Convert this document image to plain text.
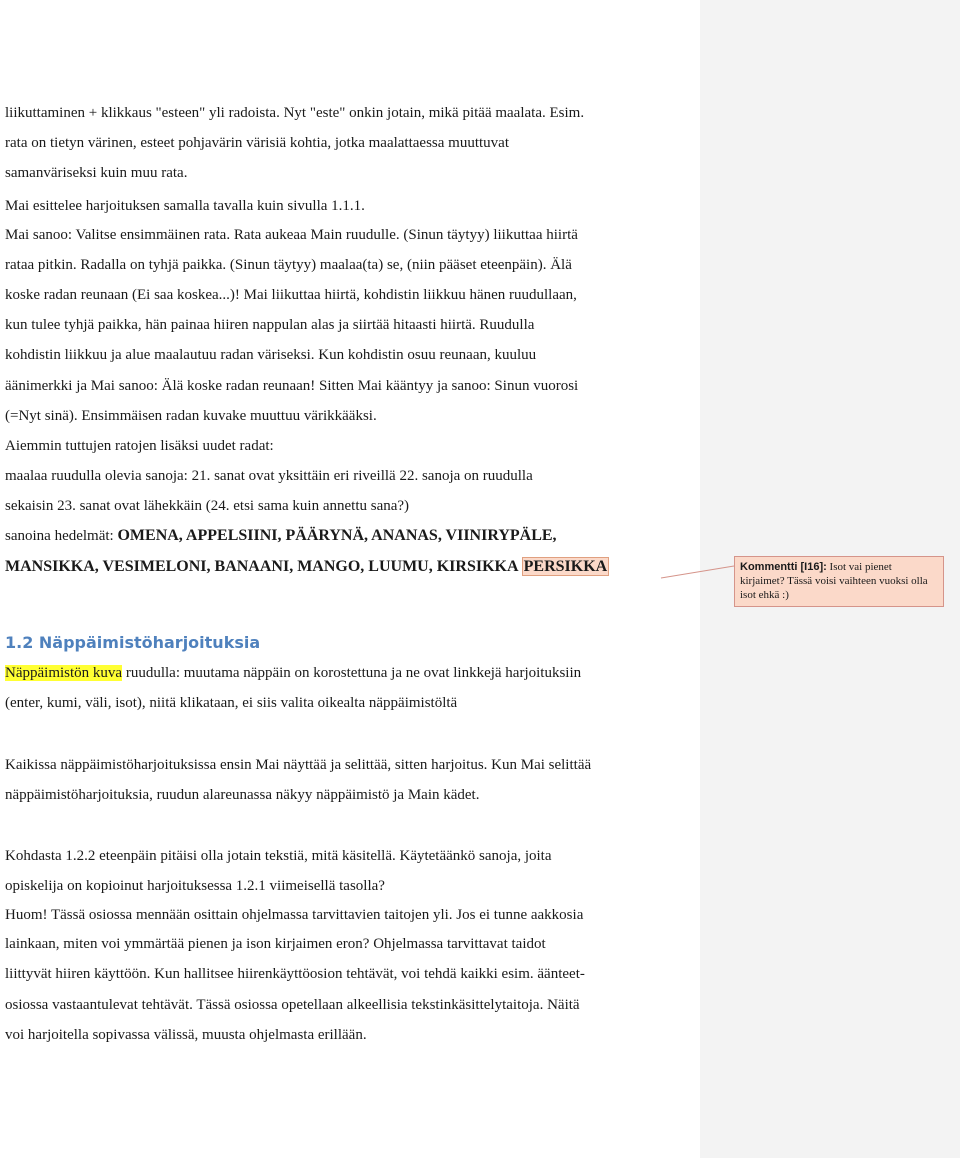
liikuttaminen + klikkaus "esteen" yli radoista. Nyt "este" onkin jotain, mikä pitää maalata. Esim.
rata on tietyn värinen, esteet pohjavärin värisiä kohtia, jotka maalattaessa muuttuvat
samanväriseksi kuin muu rata.
Mai esittelee harjoituksen samalla tavalla kuin sivulla 1.1.1.
Mai sanoo: Valitse ensimmäinen rata. Rata aukeaa Main ruudulle. (Sinun täytyy) liikuttaa hiirtä
rataa pitkin. Radalla on tyhjä paikka. (Sinun täytyy) maalaa(ta) se, (niin pääset eteenpäin). Älä
koske radan reunaan (Ei saa koskea...)! Mai liikuttaa hiirtä, kohdistin liikkuu hänen ruudullaan,
kun tulee tyhjä paikka, hän painaa hiiren nappulan alas ja siirtää hitaasti hiirtä. Ruudulla
kohdistin liikkuu ja alue maalautuu radan väriseksi. Kun kohdistin osuu reunaan, kuuluu
äänimerkki ja Mai sanoo: Älä koske radan reunaan! Sitten Mai kääntyy ja sanoo: Sinun vuorosi
(=Nyt sinä). Ensimmäisen radan kuvake muuttuu värikkääksi.
Aiemmin tuttujen ratojen lisäksi uudet radat:
maalaa ruudulla olevia sanoja: 21. sanat ovat yksittäin eri riveillä 22. sanoja on ruudulla
sekaisin 23. sanat ovat lähekkäin (24. etsi sama kuin annettu sana?)
sanoina hedelmät: OMENA, APPELSIINI, PÄÄRYNÄ, ANANAS, VIINIRYPÄLE,
MANSIKKA, VESIMELONI, BANAANI, MANGO, LUUMU, KIRSIKKA PERSIKKA
1.2 Näppäimistöharjoituksia
Näppäimistön kuva ruudulla: muutama näppäin on korostettuna ja ne ovat linkkejä harjoituksiin
(enter, kumi, väli, isot), niitä klikataan, ei siis valita oikealta näppäimistöltä
Kaikissa näppäimistöharjoituksissa ensin Mai näyttää ja selittää, sitten harjoitus. Kun Mai selittää
näppäimistöharjoituksia, ruudun alareunassa näkyy näppäimistö ja Main kädet.
Kohdasta 1.2.2 eteenpäin pitäisi olla jotain tekstiä, mitä käsitellä. Käytetäänkö sanoja, joita
opiskelija on kopioinut harjoituksessa 1.2.1 viimeisellä tasolla?
Huom! Tässä osiossa mennään osittain ohjelmassa tarvittavien taitojen yli. Jos ei tunne aakkosia
lainkaan, miten voi ymmärtää pienen ja ison kirjaimen eron? Ohjelmassa tarvittavat taidot
liittyvät hiiren käyttöön. Kun hallitsee hiirenkäyttöosion tehtävät, voi tehdä kaikki esim. äänteet-
osiossa vastaantulevat tehtävät. Tässä osiossa opetellaan alkeellisia tekstinkäsittelytaitoja. Näitä
voi harjoitella sopivassa välissä, muusta ohjelmasta erillään.
Kommentti [I16]: Isot vai pienet kirjaimet? Tässä voisi vaihteen vuoksi olla isot ehkä :)
